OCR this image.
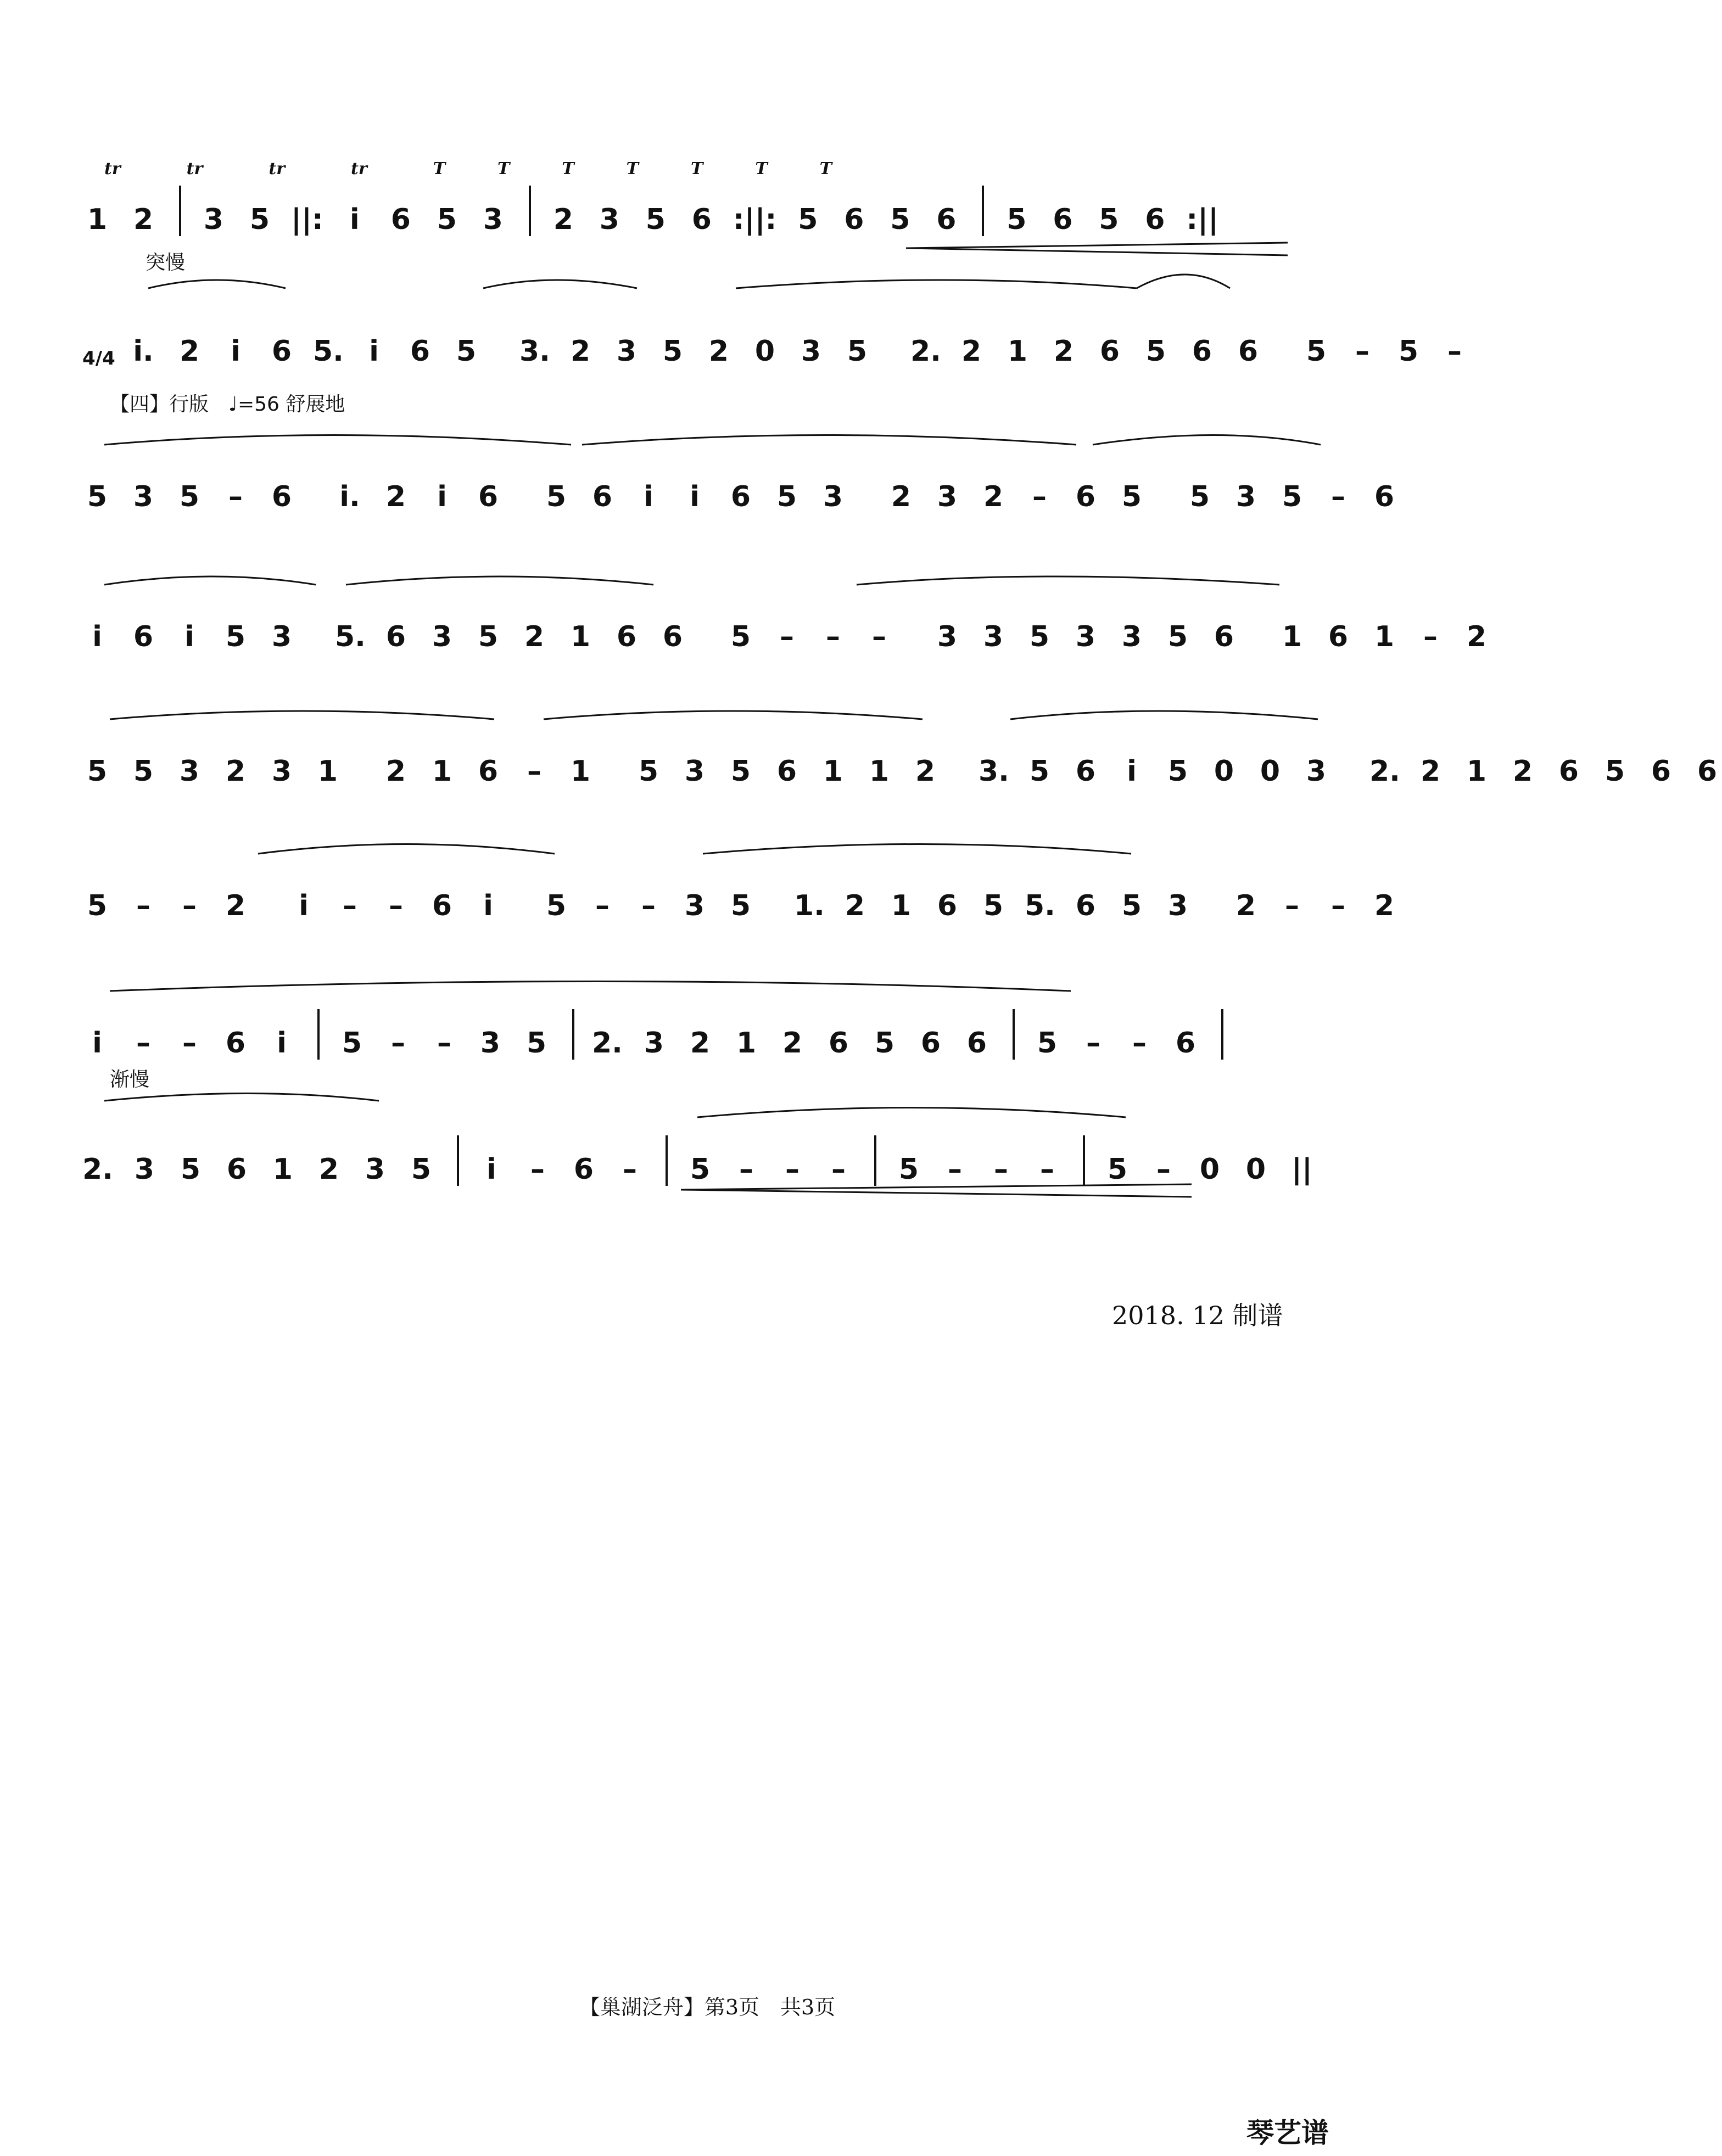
突慢
【四】行版　♩=56 舒展地
渐慢
1 2 3 5 ||: i	6 5 3 2 3 5 6 :||: 5 6 5 6 5 6 5 6 :||
tr	tr	tr	tr	T	T	T	T	T	T	T
4/4 i. 2	i	6 5. i	6 5 3. 2 3 5 2 0 3 5 2. 2 1 2 6 5 6 6 5 – 5 –
5 3 5 – 6 i. 2	i	6 5 6	i	i	6 5 3 2 3 2 – 6 5 5 3 5 – 6
i	6	i	5 3 5. 6 3 5 2 1 6 6 5 – – – 3 3 5 3 3 5 6 1 6 1 – 2
5 5 3 2 3 1 2 1 6 – 1 5 3 5 6 1 1 2 3. 5 6	i	5 0 0 3 2. 2 1 2 6 5 6 6
5 – – 2	i	– – 6	i	5 – – 3 5 1. 2 1 6 5 5. 6 5 3 2 – – 2
i	– – 6	i	5 – – 3 5 2. 3 2 1 2 6 5 6 6 5 – – 6
2. 3 5 6 1 2 3 5	i	– 6 – 5 – – – 5 – – – 5 – 0 0 ||
2018. 12 制谱
【巢湖泛舟】第3页　共3页
琴艺谱
